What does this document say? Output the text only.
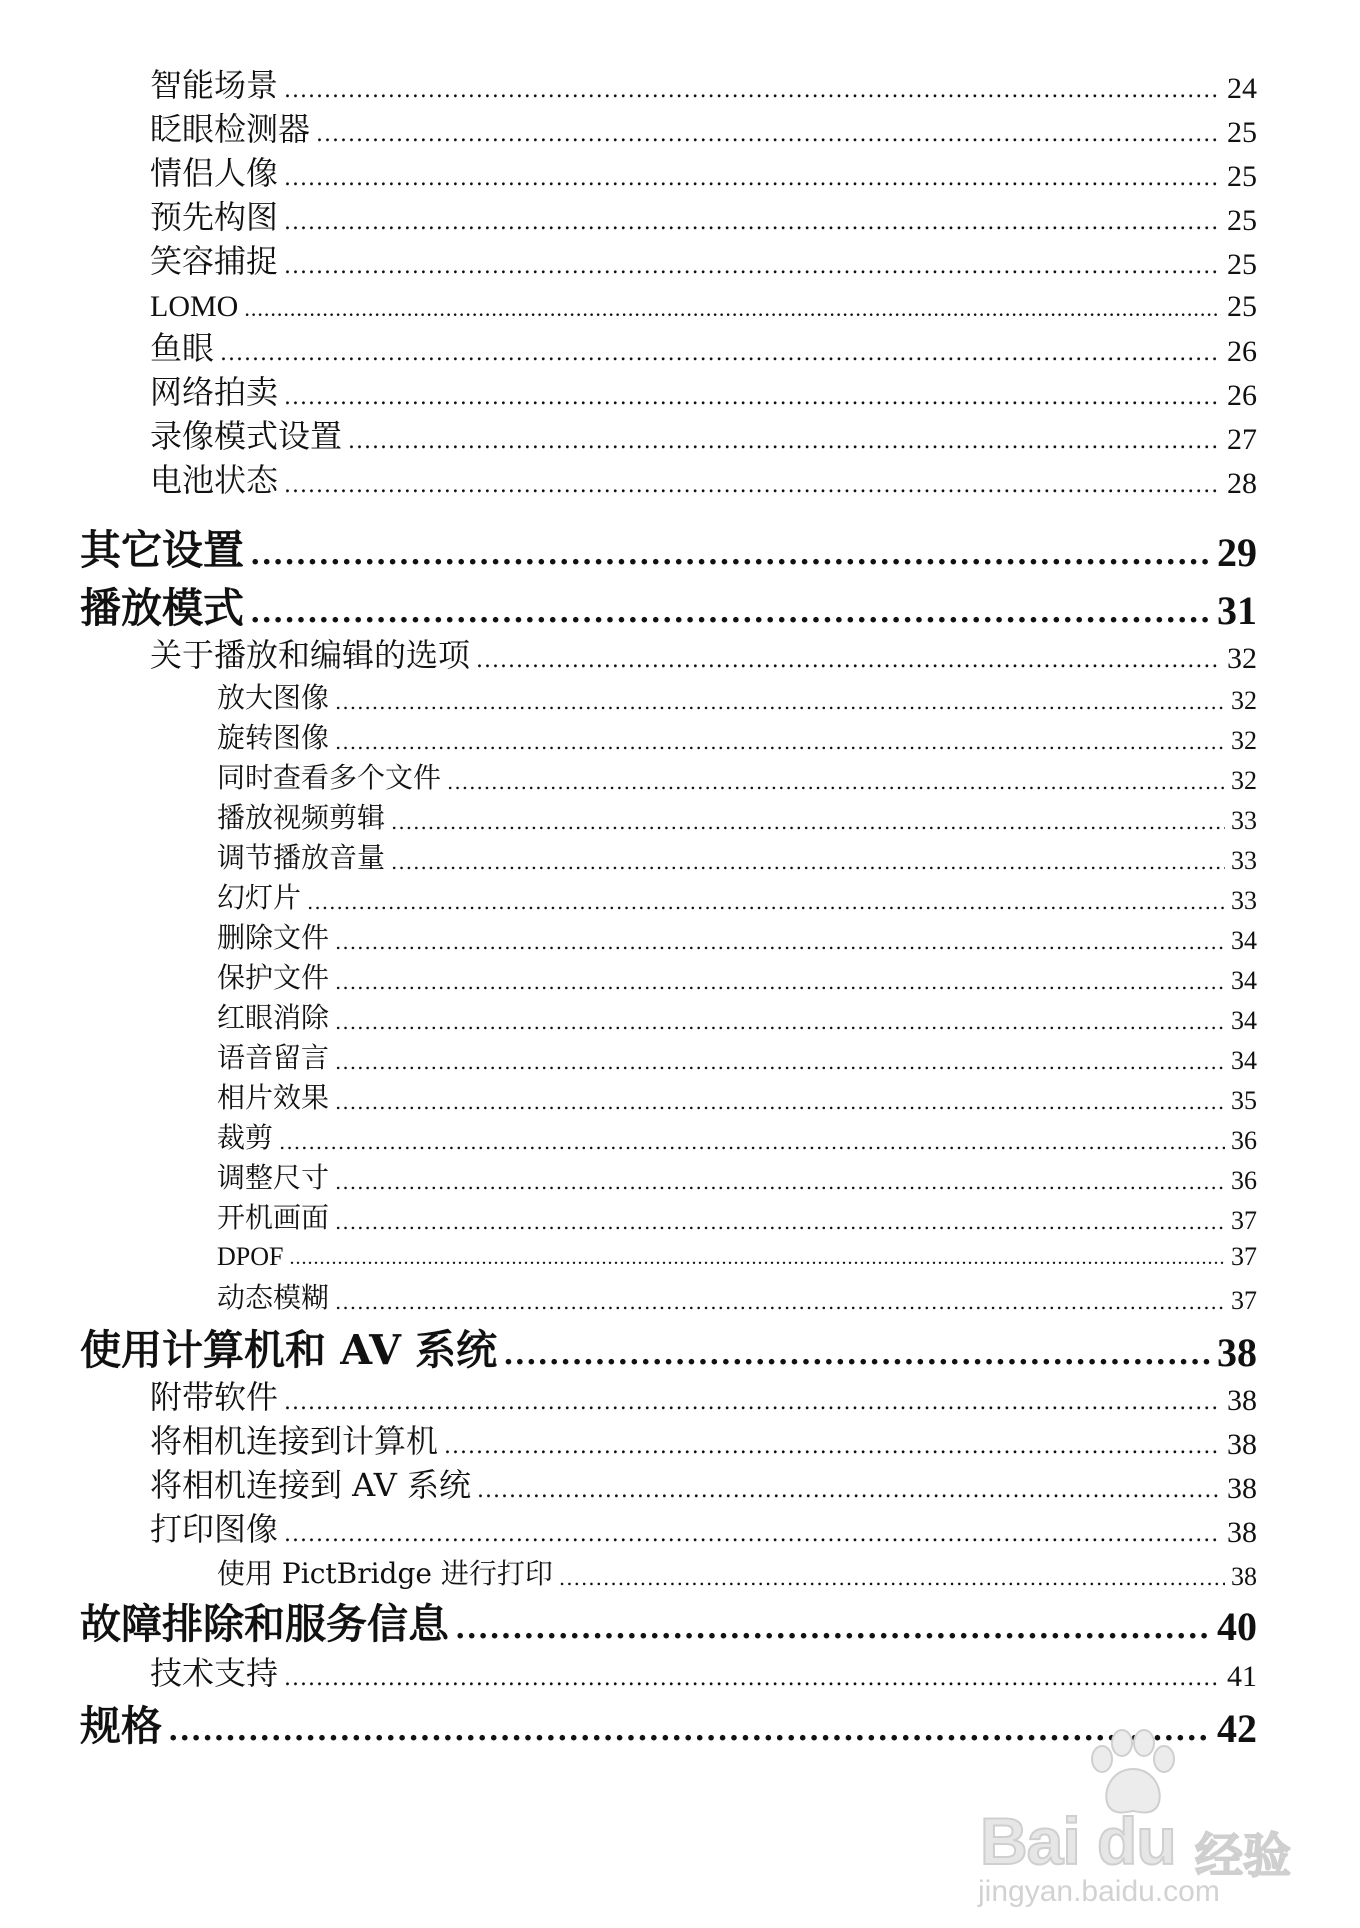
智能场景 .....	24
眨眼检测器 .....	25
情侣人像 .....	25
预先构图 .....	25
笑容捕捉 .....	25
LOMO .....	25
鱼眼 .....	26
网络拍卖 .....	26
录像模式设置 .....	27
电池状态 .....	28
其它设置 .....	29
播放模式 .....	31
关于播放和编辑的选项 .....	32
放大图像 .....	32
旋转图像 .....	32
同时查看多个文件 .....	32
播放视频剪辑 .....	33
调节播放音量 .....	33
幻灯片 .....	33
删除文件 .....	34
保护文件 .....	34
红眼消除 .....	34
语音留言 .....	34
相片效果 .....	35
裁剪 .....	36
调整尺寸 .....	36
开机画面 .....	37
DPOF .....	37
动态模糊 .....	37
使用计算机和 AV 系统 .....	38
附带软件 .....	38
将相机连接到计算机 .....	38
将相机连接到 AV 系统 .....	38
打印图像 .....	38
使用 PictBridge 进行打印 .....	38
故障排除和服务信息 .....	40
技术支持 .....	41
规格 .....	42
Bai du 经验
jingyan.baidu.com
